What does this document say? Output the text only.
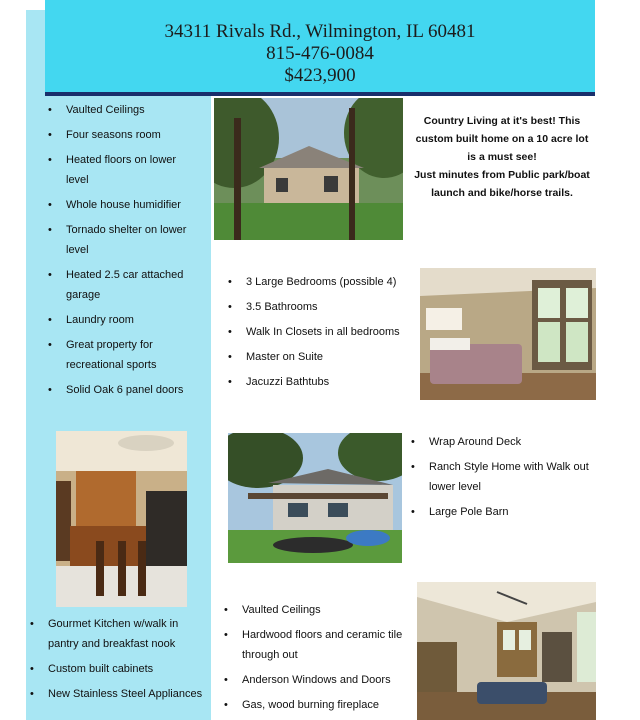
34311 Rivals Rd., Wilmington, IL 60481
815-476-0084
$423,900
• Vaulted Ceilings
• Four seasons room
• Heated floors on lower level
• Whole house humidifier
• Tornado shelter on lower level
• Heated 2.5 car attached garage
• Laundry room
• Great property for recreational sports
• Solid Oak 6 panel doors

Country Living at it's best! This custom built home on a 10 acre lot is a must see!

Just minutes from Public park/boat launch and bike/horse trails.

• 3 Large Bedrooms (possible 4)
• 3.5 Bathrooms
• Walk In Closets in all bedrooms
• Master on Suite
• Jacuzzi Bathtubs
• Wrap Around Deck
• Ranch Style Home with Walk out lower level
• Large Pole Barn
• Gourmet Kitchen w/walk in pantry and breakfast nook
• Custom built cabinets
• New Stainless Steel Appliances
• Vaulted Ceilings
• Hardwood floors and ceramic tile through out
• Anderson Windows and Doors
• Gas, wood burning fireplace
